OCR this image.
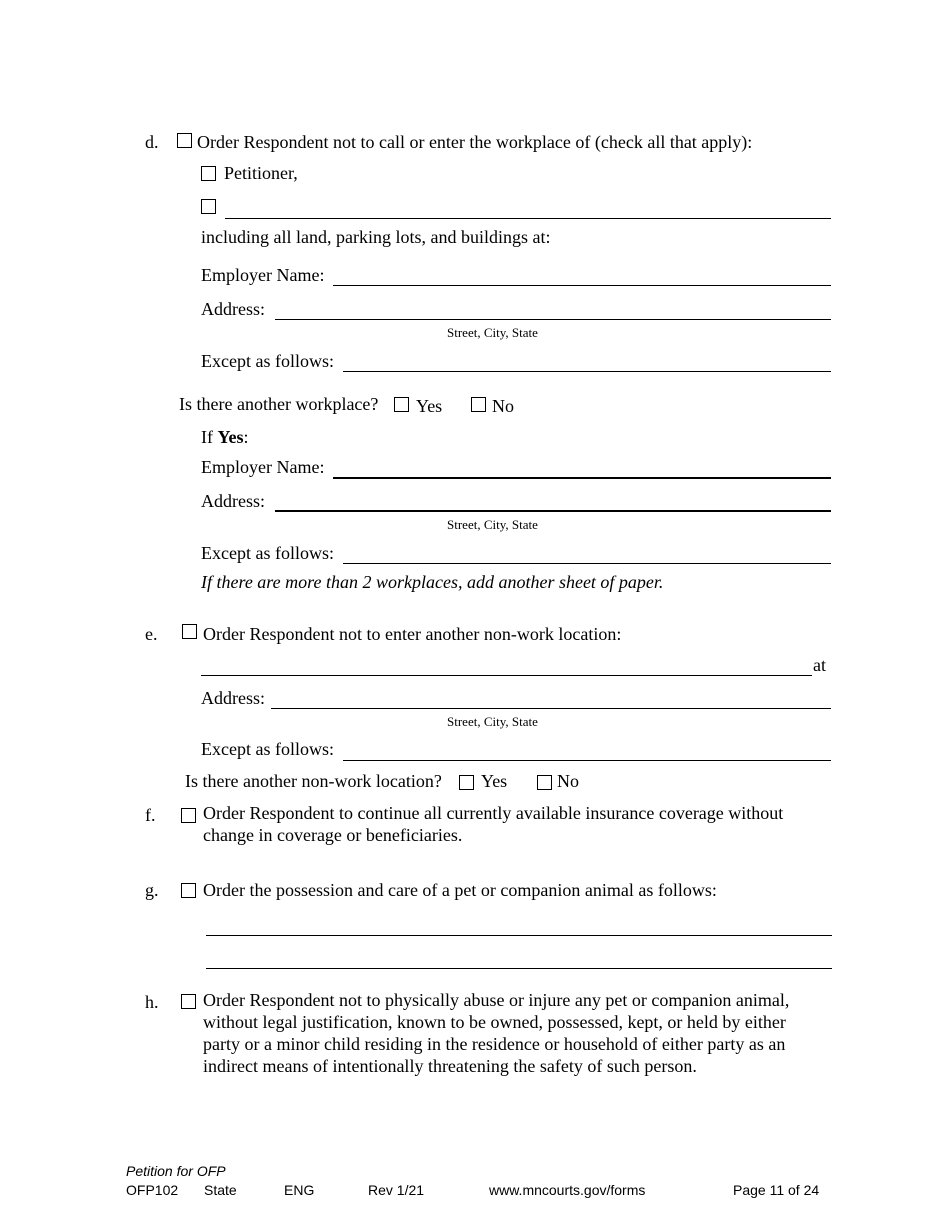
d. Order Respondent not to call or enter the workplace of (check all that apply):
Petitioner,
including all land, parking lots, and buildings at:
Employer Name:
Address:
Street, City, State
Except as follows:
Is there another workplace? Yes	No
If Yes:
Employer Name:
Address:
Street, City, State
Except as follows:
If there are more than 2 workplaces, add another sheet of paper.
e.	Order Respondent not to enter another non-work location:
at
Address:
Street, City, State
Except as follows:
Is there another non-work location? Yes	No
f.	Order Respondent to continue all currently available insurance coverage without change in coverage or beneficiaries.
g. Order the possession and care of a pet or companion animal as follows:
h. Order Respondent not to physically abuse or injure any pet or companion animal, without legal justification, known to be owned, possessed, kept, or held by either party or a minor child residing in the residence or household of either party as an indirect means of intentionally threatening the safety of such person.
Petition for OFP
OFP102 State	ENG	Rev 1/21	www.mncourts.gov/forms	Page 11 of 24
